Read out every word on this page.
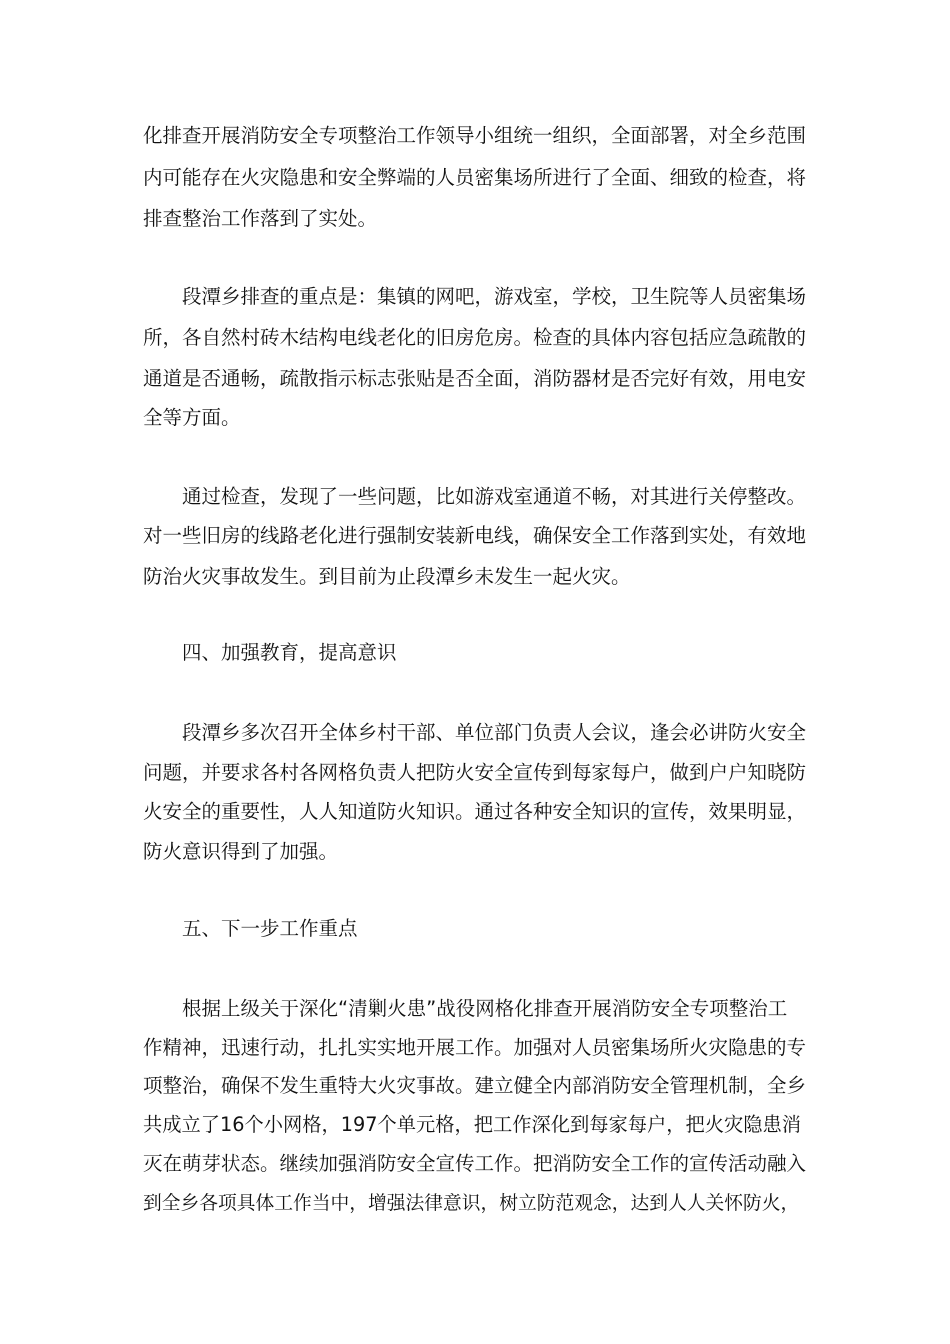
化排查开展消防安全专项整治工作领导小组统一组织，全面部署，对全乡范围

内可能存在火灾隐患和安全弊端的人员密集场所进行了全面、细致的检查，将

排查整治工作落到了实处。

段潭乡排查的重点是：集镇的网吧，游戏室，学校，卫生院等人员密集场

所，各自然村砖木结构电线老化的旧房危房。检查的具体内容包括应急疏散的

通道是否通畅，疏散指示标志张贴是否全面，消防器材是否完好有效，用电安

全等方面。

通过检查，发现了一些问题，比如游戏室通道不畅，对其进行关停整改。

对一些旧房的线路老化进行强制安装新电线，确保安全工作落到实处，有效地

防治火灾事故发生。到目前为止段潭乡未发生一起火灾。

四、加强教育，提高意识

段潭乡多次召开全体乡村干部、单位部门负责人会议，逢会必讲防火安全

问题，并要求各村各网格负责人把防火安全宣传到每家每户，做到户户知晓防

火安全的重要性，人人知道防火知识。通过各种安全知识的宣传，效果明显，

防火意识得到了加强。

五、下一步工作重点

根据上级关于深化“清剿火患”战役网格化排查开展消防安全专项整治工

作精神，迅速行动，扎扎实实地开展工作。加强对人员密集场所火灾隐患的专

项整治，确保不发生重特大火灾事故。建立健全内部消防安全管理机制，全乡

共成立了16个小网格，197个单元格，把工作深化到每家每户，把火灾隐患消

灭在萌芽状态。继续加强消防安全宣传工作。把消防安全工作的宣传活动融入

到全乡各项具体工作当中，增强法律意识，树立防范观念，达到人人关怀防火，
